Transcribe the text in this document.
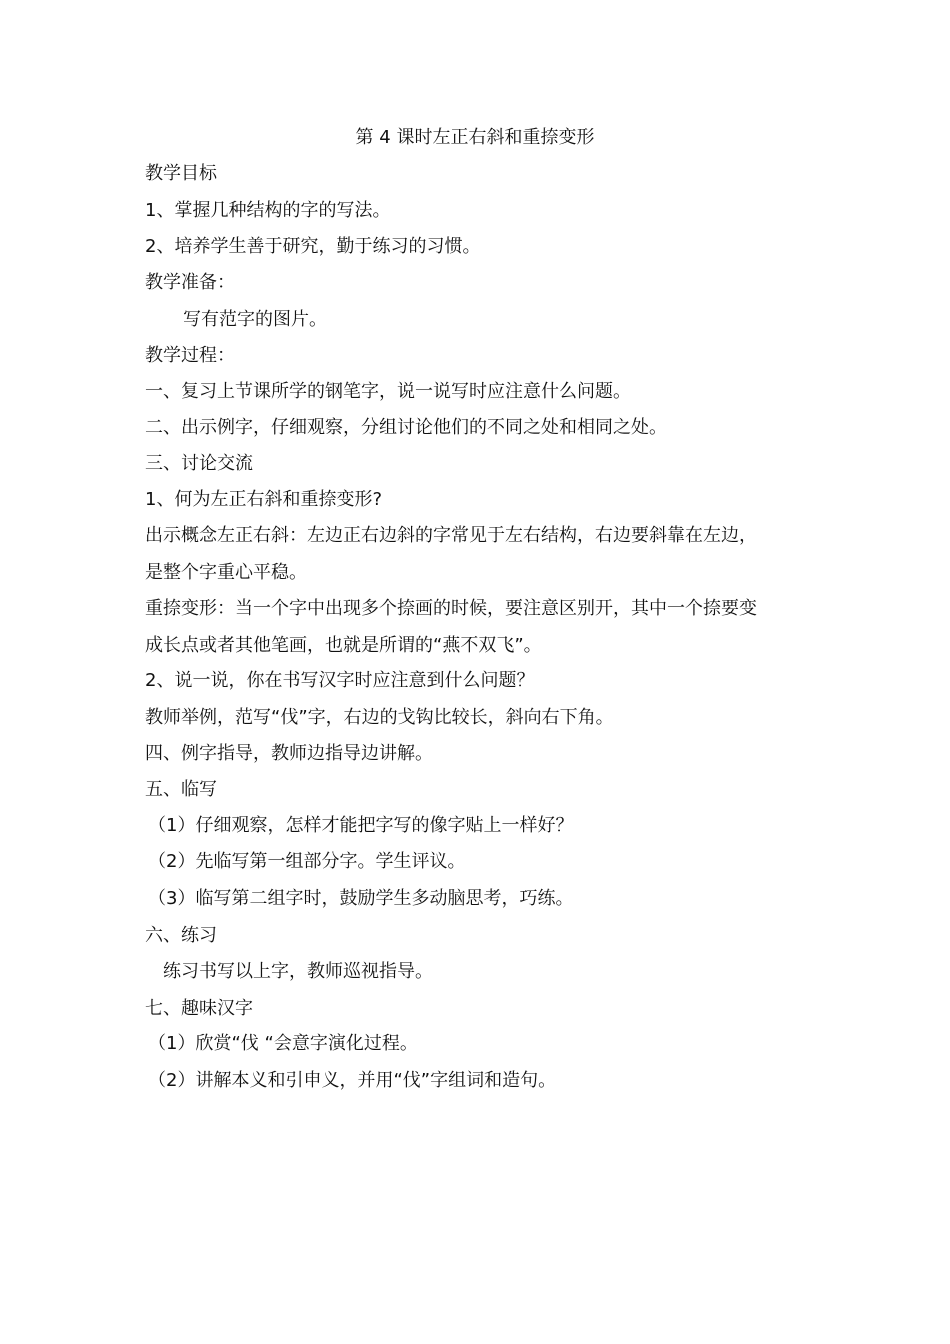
第 4 课时左正右斜和重捺变形
教学目标
1、掌握几种结构的字的写法。
2、培养学生善于研究，勤于练习的习惯。
教学准备：
写有范字的图片。
教学过程：
一、复习上节课所学的钢笔字，说一说写时应注意什么问题。
二、出示例字，仔细观察，分组讨论他们的不同之处和相同之处。
三、讨论交流
1、何为左正右斜和重捺变形?
出示概念左正右斜：左边正右边斜的字常见于左右结构，右边要斜靠在左边，
是整个字重心平稳。
重捺变形：当一个字中出现多个捺画的时候，要注意区别开，其中一个捺要变
成长点或者其他笔画，也就是所谓的“燕不双飞”。
2、说一说，你在书写汉字时应注意到什么问题？
教师举例，范写“伐”字，右边的戈钩比较长，斜向右下角。
四、例字指导，教师边指导边讲解。
五、临写
（1）仔细观察，怎样才能把字写的像字贴上一样好？
（2）先临写第一组部分字。学生评议。
（3）临写第二组字时，鼓励学生多动脑思考，巧练。
六、练习
练习书写以上字，教师巡视指导。
七、趣味汉字
（1）欣赏“伐 “会意字演化过程。
（2）讲解本义和引申义，并用“伐”字组词和造句。
